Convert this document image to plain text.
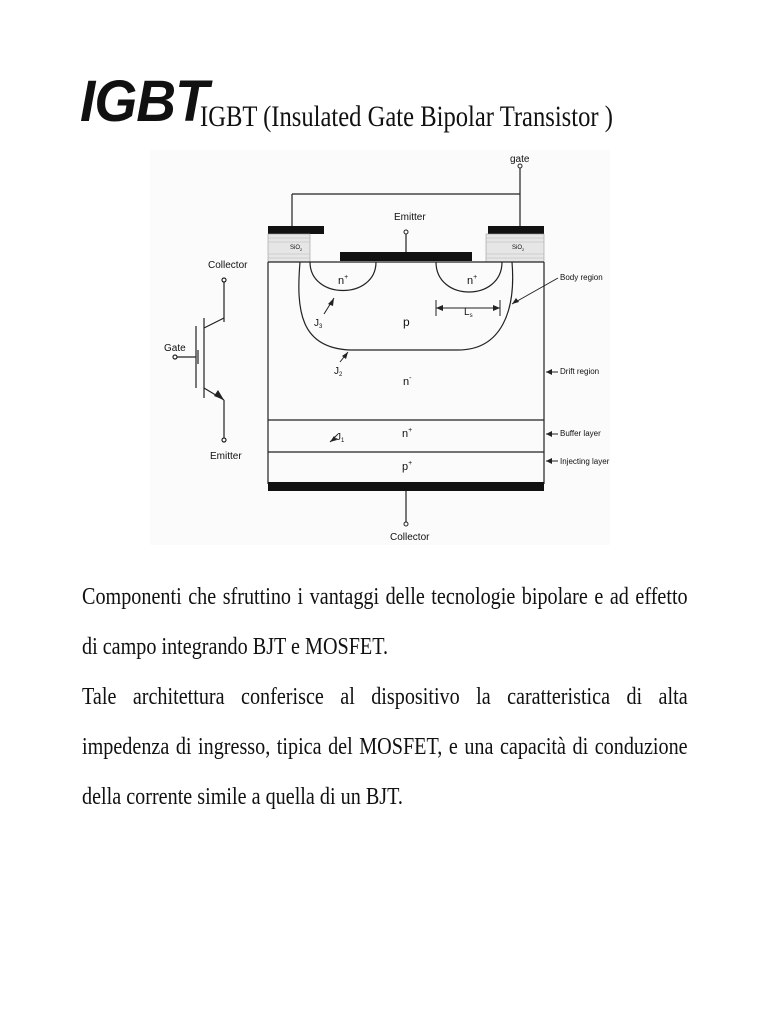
IGBT
IGBT (Insulated Gate Bipolar Transistor )
Collector
Gate
Emitter
gate
Emitter
Collector
SiO$_2$	SiO$_2$
n+	n+
p
n-
n+
p+
$J_3$
$J_2$
$J_1$
$L_s$
Body region
Drift region
Buffer layer
Injecting layer
Componenti che sfruttino i vantaggi delle tecnologie bipolare e ad effetto di campo integrando BJT e MOSFET.
Tale architettura conferisce al dispositivo la caratteristica di alta impedenza di ingresso, tipica del MOSFET, e una capacità di conduzione della corrente simile a quella di un BJT.
